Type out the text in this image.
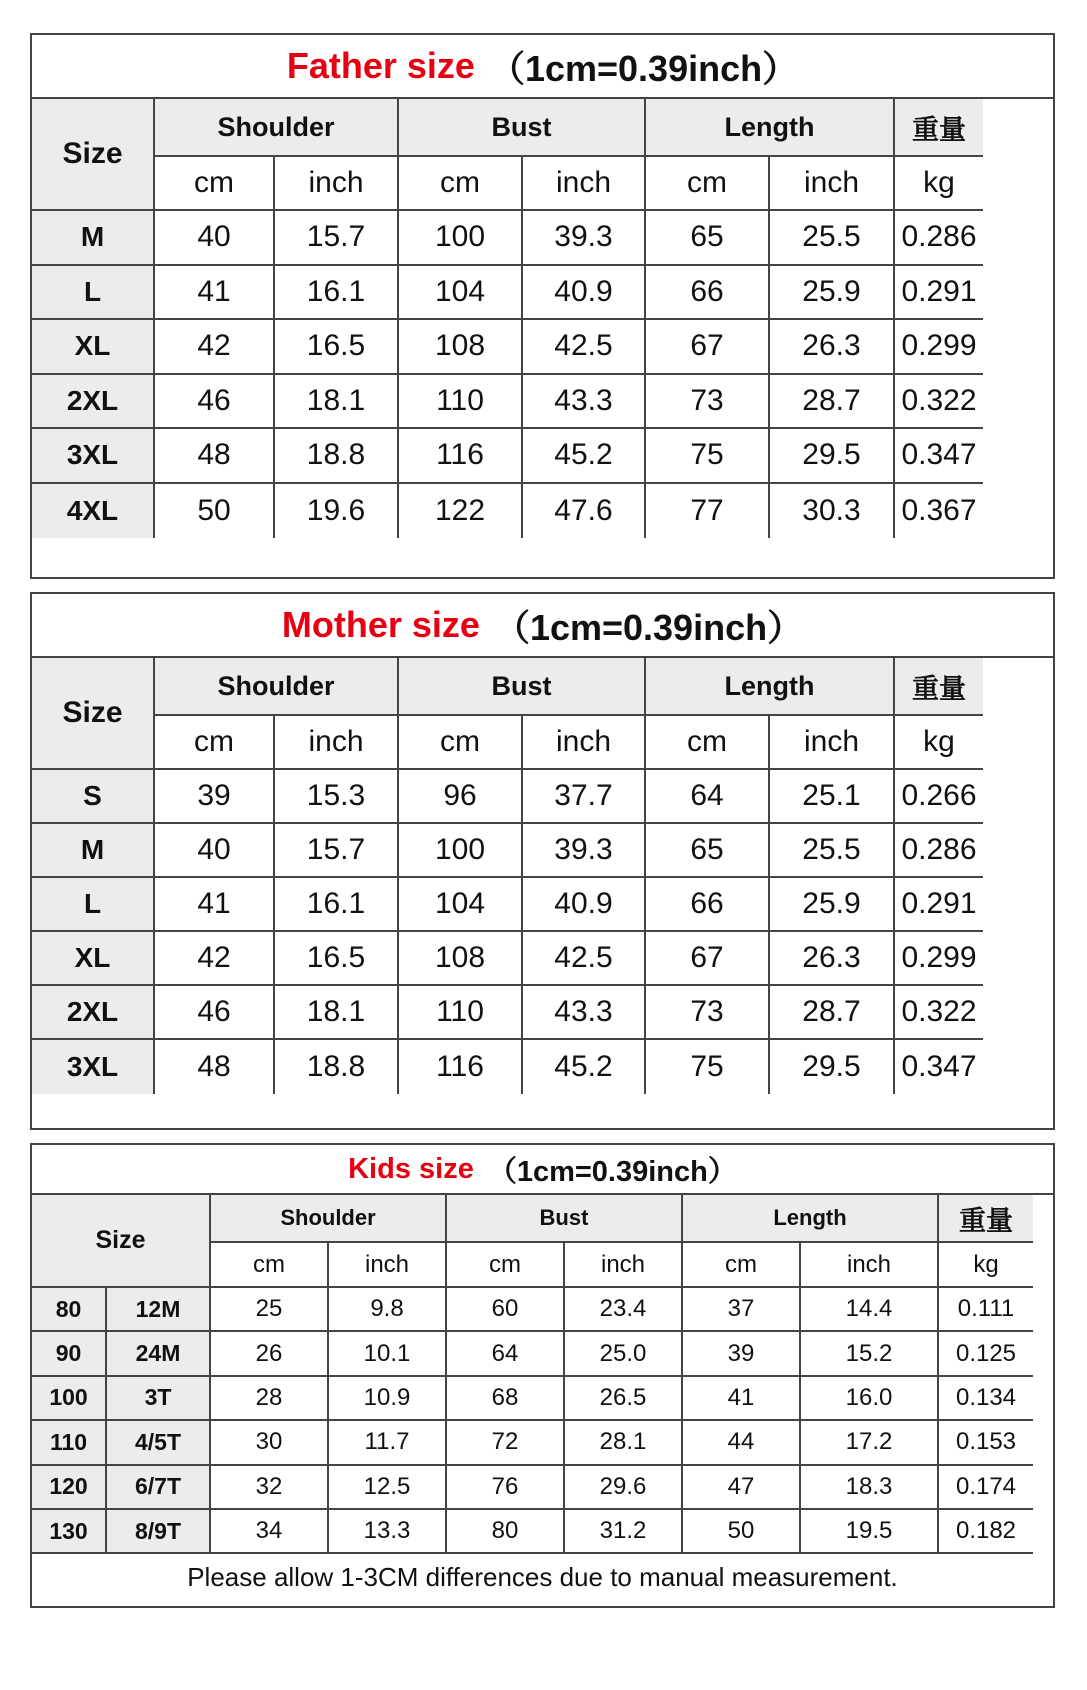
Father size （1cm=0.39inch）
Size
Shoulder	Bust	Length	重量
cm	inch	cm	inch	cm	inch	kg
M	40	15.7	100	39.3	65	25.5	0.286
L	41	16.1	104	40.9	66	25.9	0.291
XL	42	16.5	108	42.5	67	26.3	0.299
2XL	46	18.1	110	43.3	73	28.7	0.322
3XL	48	18.8	116	45.2	75	29.5	0.347
4XL	50	19.6	122	47.6	77	30.3	0.367
Mother size （1cm=0.39inch）
Size
Shoulder	Bust	Length	重量
cm	inch	cm	inch	cm	inch	kg
S	39	15.3	96	37.7	64	25.1	0.266
M	40	15.7	100	39.3	65	25.5	0.286
L	41	16.1	104	40.9	66	25.9	0.291
XL	42	16.5	108	42.5	67	26.3	0.299
2XL	46	18.1	110	43.3	73	28.7	0.322
3XL	48	18.8	116	45.2	75	29.5	0.347
Kids size （1cm=0.39inch）
Size
Shoulder	Bust	Length	重量
cm	inch	cm	inch	cm	inch	kg
80	12M	25	9.8	60	23.4	37	14.4	0.111
90	24M	26	10.1	64	25.0	39	15.2	0.125
100	3T	28	10.9	68	26.5	41	16.0	0.134
110	4/5T	30	11.7	72	28.1	44	17.2	0.153
120	6/7T	32	12.5	76	29.6	47	18.3	0.174
130	8/9T	34	13.3	80	31.2	50	19.5	0.182
Please allow 1-3CM differences due to manual measurement.
